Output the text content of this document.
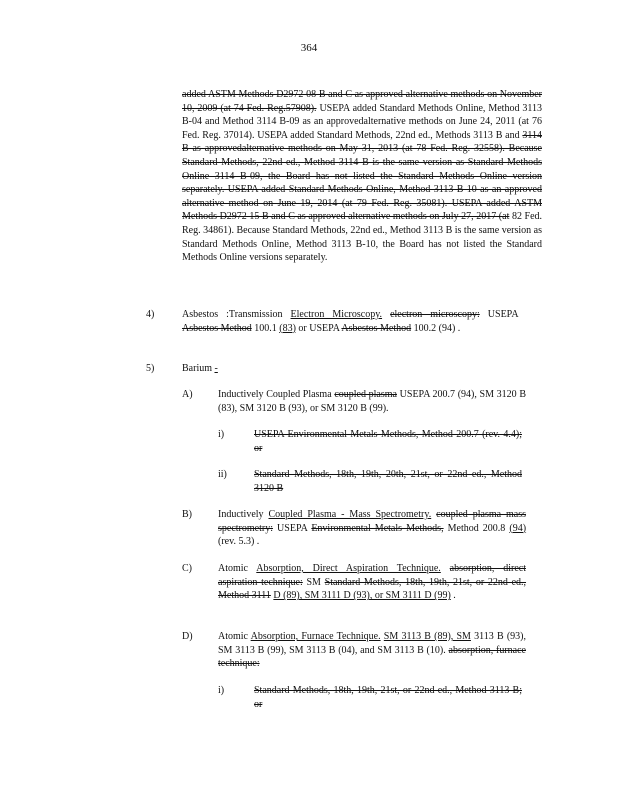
364
added ASTM Methods D2972 08 B and C as approved alternative methods on November 10, 2009 (at 74 Fed. Reg.57908). USEPA added Standard Methods Online, Method 3113 B-04 and Method 3114 B-09 as an approvedalternative methods on June 24, 2011 (at 76 Fed. Reg. 37014). USEPA added Standard Methods, 22nd ed., Methods 3113 B and 3114 B as approvedalternative methods on May 31, 2013 (at 78 Fed. Reg. 32558). Because Standard Methods, 22nd ed., Method 3114 B is the same version as Standard Methods Online 3114 B-09, the Board has not listed the Standard Methods Online version separately. USEPA added Standard Methods Online, Method 3113 B-10 as an approved alternative method on June 19, 2014 (at 79 Fed. Reg. 35081). USEPA added ASTM Methods D2972 15 B and C as approved alternative methods on July 27, 2017 (at 82 Fed. Reg. 34861). Because Standard Methods, 22nd ed., Method 3113 B is the same version as Standard Methods Online, Method 3113 B-10, the Board has not listed the Standard Methods Online versions separately.
4)	Asbestos :Transmission Electron Microscopy. electron microscopy: USEPA Asbestos Method 100.1 (83) or USEPA Asbestos Method 100.2 (94) .
5)	Barium -
A)	Inductively Coupled Plasma coupled plasma USEPA 200.7 (94), SM 3120 B (83), SM 3120 B (93), or SM 3120 B (99).
i)	USEPA Environmental Metals Methods, Method 200.7 (rev. 4.4); or
ii)	Standard Methods, 18th, 19th, 20th, 21st, or 22nd ed., Method 3120 B
B)	Inductively Coupled Plasma - Mass Spectrometry. coupled plasma mass spectrometry: USEPA Environmental Metals Methods, Method 200.8 (94) (rev. 5.3) .
C)	Atomic Absorption, Direct Aspiration Technique. absorption, direct aspiration technique: SM Standard Methods, 18th, 19th, 21st, or 22nd ed., Method 3111 D (89), SM 3111 D (93), or SM 3111 D (99) .
D)	Atomic Absorption, Furnace Technique. SM 3113 B (89), SM 3113 B (93), SM 3113 B (99), SM 3113 B (04), and SM 3113 B (10). absorption, furnace technique:
i)	Standard Methods, 18th, 19th, 21st, or 22nd ed., Method 3113 B; or
